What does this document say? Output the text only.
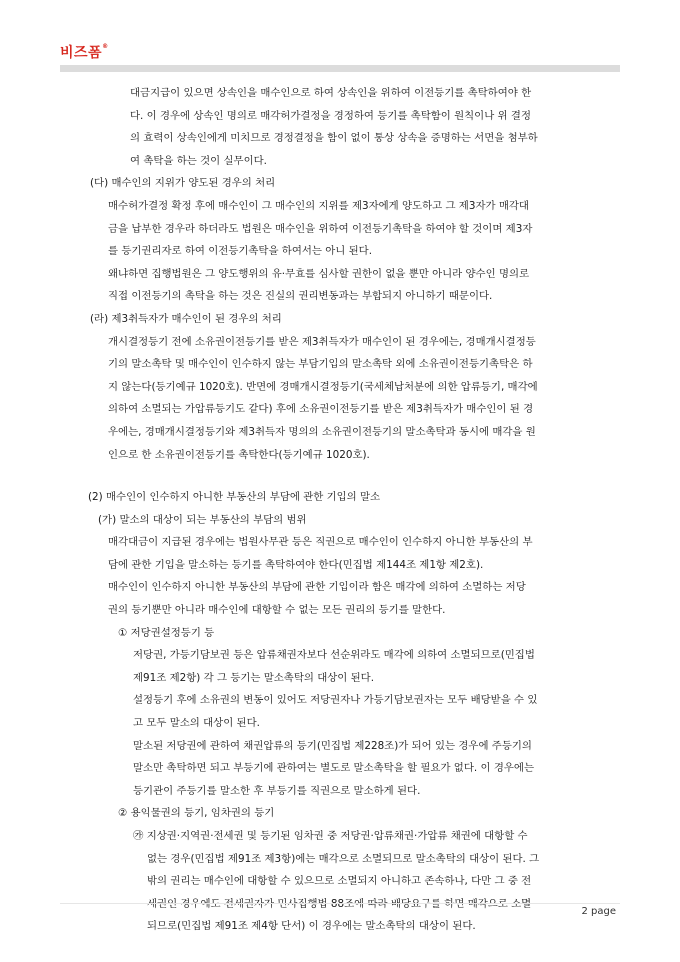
비즈폼®
대금지급이 있으면 상속인을 매수인으로 하여 상속인을 위하여 이전등기를 촉탁하여야 한
다. 이 경우에 상속인 명의로 매각허가결정을 경정하여 등기를 촉탁함이 원칙이나 위 결정
의 효력이 상속인에게 미치므로 경정결정을 함이 없이 통상 상속을 증명하는 서면을 첨부하
여 촉탁을 하는 것이 실무이다.
(다) 매수인의 지위가 양도된 경우의 처리
매수허가결정 확정 후에 매수인이 그 매수인의 지위를 제3자에게 양도하고 그 제3자가 매각대
금을 납부한 경우라 하더라도 법원은 매수인을 위하여 이전등기촉탁을 하여야 할 것이며 제3자
를 등기권리자로 하여 이전등기촉탁을 하여서는 아니 된다.
왜냐하면 집행법원은 그 양도행위의 유·무효를 심사할 권한이 없을 뿐만 아니라 양수인 명의로
직접 이전등기의 촉탁을 하는 것은 진실의 권리변동과는 부합되지 아니하기 때문이다.
(라) 제3취득자가 매수인이 된 경우의 처리
개시결정등기 전에 소유권이전등기를 받은 제3취득자가 매수인이 된 경우에는, 경매개시결정등
기의 말소촉탁 및 매수인이 인수하지 않는 부담기입의 말소촉탁 외에 소유권이전등기촉탁은 하
지 않는다(등기예규 1020호). 반면에 경매개시결정등기(국세체납처분에 의한 압류등기, 매각에
의하여 소멸되는 가압류등기도 같다) 후에 소유권이전등기를 받은 제3취득자가 매수인이 된 경
우에는, 경매개시결정등기와 제3취득자 명의의 소유권이전등기의 말소촉탁과 동시에 매각을 원
인으로 한 소유권이전등기를 촉탁한다(등기예규 1020호).
(2) 매수인이 인수하지 아니한 부동산의 부담에 관한 기입의 말소
(가) 말소의 대상이 되는 부동산의 부담의 범위
매각대금이 지급된 경우에는 법원사무관 등은 직권으로 매수인이 인수하지 아니한 부동산의 부
담에 관한 기입을 말소하는 등기를 촉탁하여야 한다(민집법 제144조 제1항 제2호).
매수인이 인수하지 아니한 부동산의 부담에 관한 기입이라 함은 매각에 의하여 소멸하는 저당
권의 등기뿐만 아니라 매수인에 대항할 수 없는 모든 권리의 등기를 말한다.
① 저당권설정등기 등
저당권, 가등기담보권 등은 압류채권자보다 선순위라도 매각에 의하여 소멸되므로(민집법
제91조 제2항) 각 그 등기는 말소촉탁의 대상이 된다.
설정등기 후에 소유권의 변동이 있어도 저당권자나 가등기담보권자는 모두 배당받을 수 있
고 모두 말소의 대상이 된다.
말소된 저당권에 관하여 채권압류의 등기(민집법 제228조)가 되어 있는 경우에 주등기의
말소만 촉탁하면 되고 부등기에 관하여는 별도로 말소촉탁을 할 필요가 없다. 이 경우에는
등기관이 주등기를 말소한 후 부등기를 직권으로 말소하게 된다.
② 용익물권의 등기, 임차권의 등기
㉮ 지상권·지역권·전세권 및 등기된 임차권 중 저당권·압류채권·가압류 채권에 대항할 수
없는 경우(민집법 제91조 제3항)에는 매각으로 소멸되므로 말소촉탁의 대상이 된다. 그
밖의 권리는 매수인에 대항할 수 있으므로 소멸되지 아니하고 존속하나, 다만 그 중 전
되므로(민집법 제91조 제4항 단서) 이 경우에는 말소촉탁의 대상이 된다.
2 page
